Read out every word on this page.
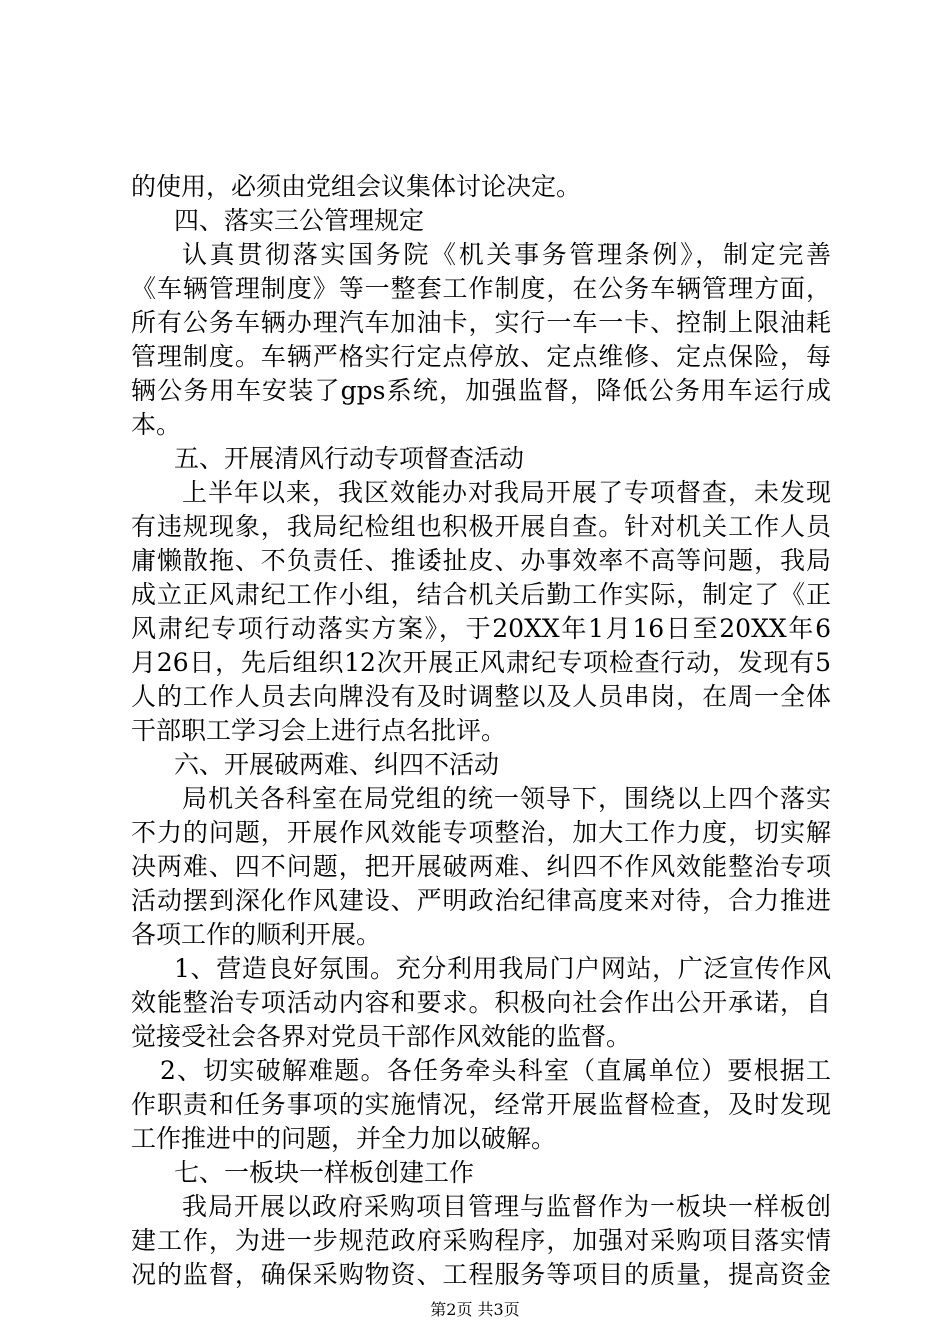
的使用，必须由党组会议集体讨论决定。
四、落实三公管理规定
认真贯彻落实国务院《机关事务管理条例》，制定完善
《车辆管理制度》等一整套工作制度，在公务车辆管理方面，
所有公务车辆办理汽车加油卡，实行一车一卡、控制上限油耗
管理制度。车辆严格实行定点停放、定点维修、定点保险，每
辆公务用车安装了gps系统，加强监督，降低公务用车运行成
本。
五、开展清风行动专项督查活动
上半年以来，我区效能办对我局开展了专项督查，未发现
有违规现象，我局纪检组也积极开展自查。针对机关工作人员
庸懒散拖、不负责任、推诿扯皮、办事效率不高等问题，我局
成立正风肃纪工作小组，结合机关后勤工作实际，制定了《正
风肃纪专项行动落实方案》，于20XX年1月16日至20XX年6
月26日，先后组织12次开展正风肃纪专项检查行动，发现有5
人的工作人员去向牌没有及时调整以及人员串岗，在周一全体
干部职工学习会上进行点名批评。
六、开展破两难、纠四不活动
局机关各科室在局党组的统一领导下，围绕以上四个落实
不力的问题，开展作风效能专项整治，加大工作力度，切实解
决两难、四不问题，把开展破两难、纠四不作风效能整治专项
活动摆到深化作风建设、严明政治纪律高度来对待，合力推进
各项工作的顺利开展。
1、营造良好氛围。充分利用我局门户网站，广泛宣传作风
效能整治专项活动内容和要求。积极向社会作出公开承诺，自
觉接受社会各界对党员干部作风效能的监督。
2、切实破解难题。各任务牵头科室（直属单位）要根据工
作职责和任务事项的实施情况，经常开展监督检查，及时发现
工作推进中的问题，并全力加以破解。
七、一板块一样板创建工作
我局开展以政府采购项目管理与监督作为一板块一样板创
建工作，为进一步规范政府采购程序，加强对采购项目落实情
况的监督，确保采购物资、工程服务等项目的质量，提高资金
第2页 共3页
